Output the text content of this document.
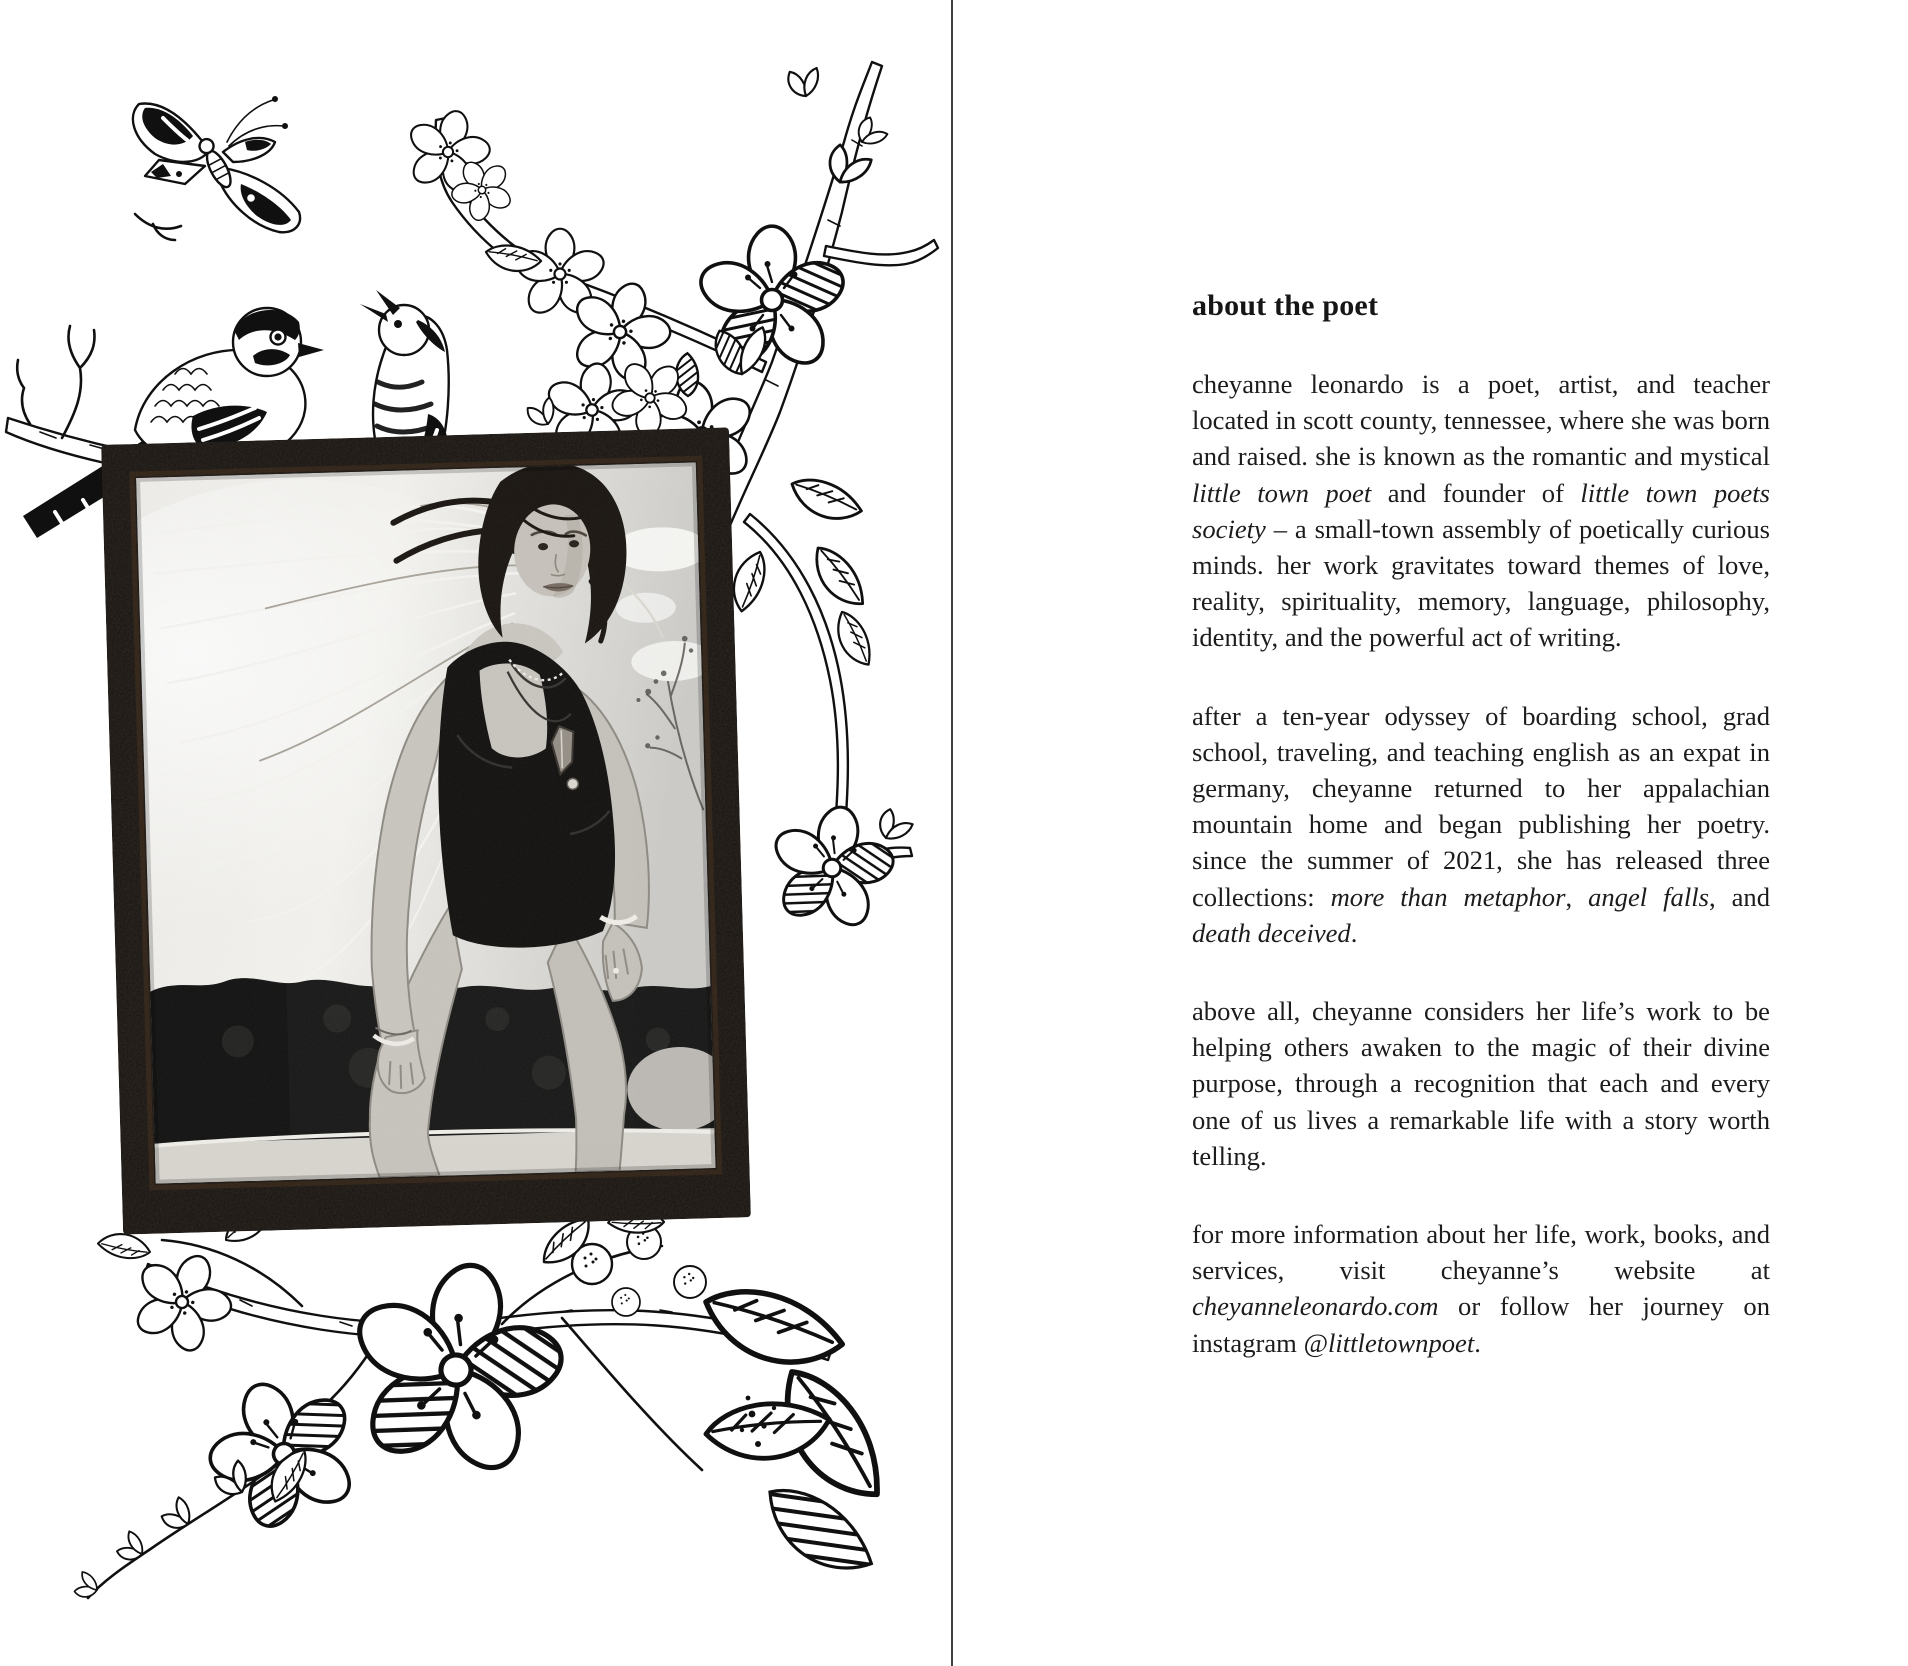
about the poet

cheyanne leonardo is a poet, artist, and teacher located in scott county, tennessee, where she was born and raised. she is known as the romantic and mystical little town poet and founder of little town poets society – a small-town assembly of poetically curious minds. her work gravitates toward themes of love, reality, spirituality, memory, language, philosophy, identity, and the powerful act of writing.

after a ten-year odyssey of boarding school, grad school, traveling, and teaching english as an expat in germany, cheyanne returned to her appalachian mountain home and began publishing her poetry. since the summer of 2021, she has released three collections: more than metaphor, angel falls, and death deceived.

above all, cheyanne considers her life’s work to be helping others awaken to the magic of their divine purpose, through a recognition that each and every one of us lives a remarkable life with a story worth telling.

for more information about her life, work, books, and services, visit cheyanne’s website at cheyanneleonardo.com or follow her journey on instagram @littletownpoet.
